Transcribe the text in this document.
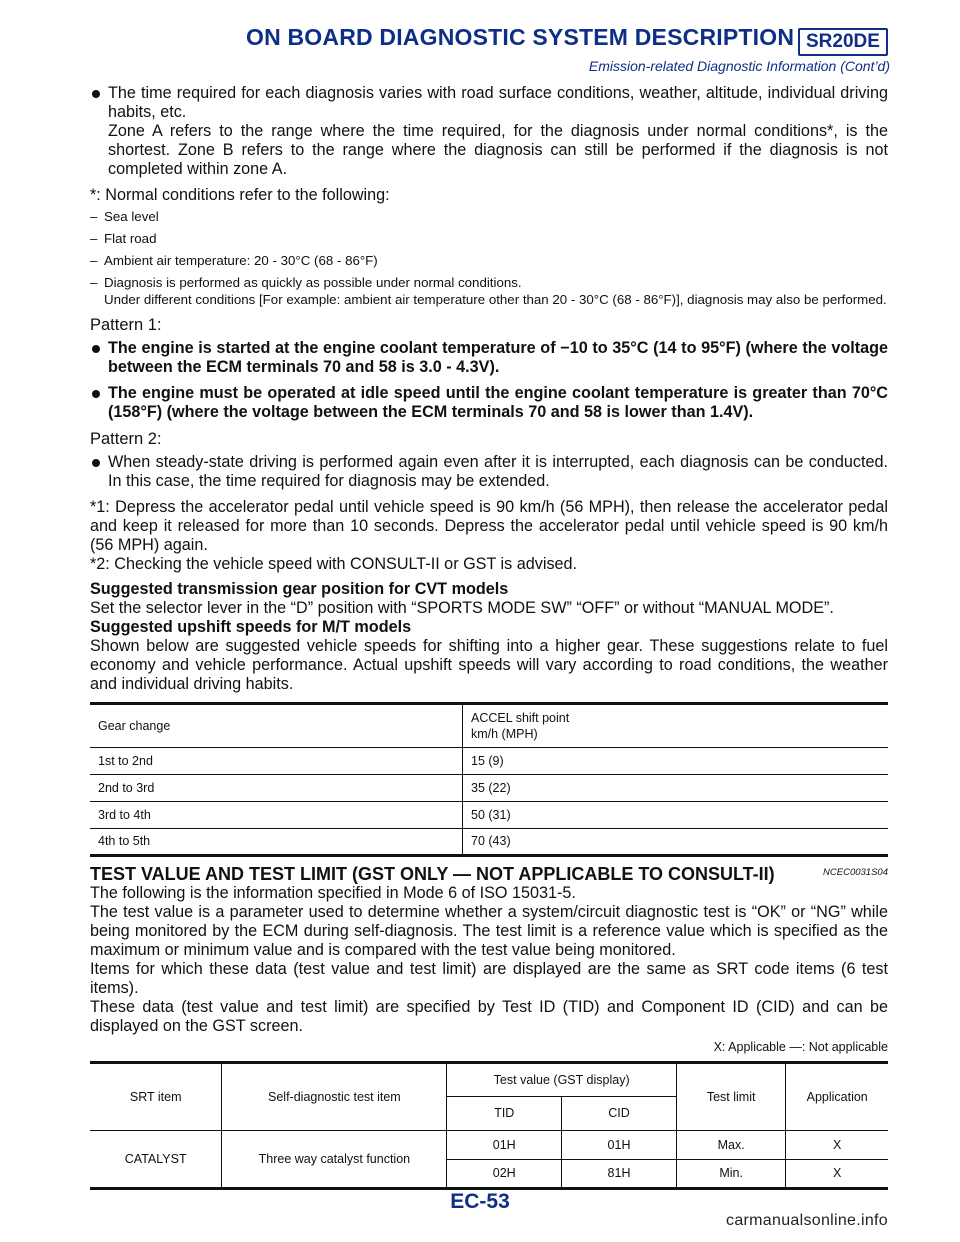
ON BOARD DIAGNOSTIC SYSTEM DESCRIPTION SR20DE
Emission-related Diagnostic Information (Cont’d)

The time required for each diagnosis varies with road surface conditions, weather, altitude, individual driving habits, etc.

Zone A refers to the range where the time required, for the diagnosis under normal conditions*, is the shortest. Zone B refers to the range where the diagnosis can still be performed if the diagnosis is not completed within zone A.

*: Normal conditions refer to the following:

– Sea level

– Flat road

– Ambient air temperature: 20 - 30°C (68 - 86°F)

– Diagnosis is performed as quickly as possible under normal conditions.

Under different conditions [For example: ambient air temperature other than 20 - 30°C (68 - 86°F)], diagnosis may also be performed.

Pattern 1:

The engine is started at the engine coolant temperature of −10 to 35°C (14 to 95°F) (where the voltage between the ECM terminals 70 and 58 is 3.0 - 4.3V).

The engine must be operated at idle speed until the engine coolant temperature is greater than 70°C (158°F) (where the voltage between the ECM terminals 70 and 58 is lower than 1.4V).

Pattern 2:

When steady-state driving is performed again even after it is interrupted, each diagnosis can be conducted. In this case, the time required for diagnosis may be extended.

*1: Depress the accelerator pedal until vehicle speed is 90 km/h (56 MPH), then release the accelerator pedal and keep it released for more than 10 seconds. Depress the accelerator pedal until vehicle speed is 90 km/h (56 MPH) again.

*2: Checking the vehicle speed with CONSULT-II or GST is advised.

Suggested transmission gear position for CVT models

Set the selector lever in the “D” position with “SPORTS MODE SW” “OFF” or without “MANUAL MODE”.

Suggested upshift speeds for M/T models

Shown below are suggested vehicle speeds for shifting into a higher gear. These suggestions relate to fuel economy and vehicle performance. Actual upshift speeds will vary according to road conditions, the weather and individual driving habits.

Gear change	ACCEL shift point
km/h (MPH)
1st to 2nd	15 (9)
2nd to 3rd	35 (22)
3rd to 4th	50 (31)
4th to 5th	70 (43)

TEST VALUE AND TEST LIMIT (GST ONLY — NOT APPLICABLE TO CONSULT-II)	NCEC0031S04

The following is the information specified in Mode 6 of ISO 15031-5.

The test value is a parameter used to determine whether a system/circuit diagnostic test is “OK” or “NG” while being monitored by the ECM during self-diagnosis. The test limit is a reference value which is specified as the maximum or minimum value and is compared with the test value being monitored.

Items for which these data (test value and test limit) are displayed are the same as SRT code items (6 test items).

These data (test value and test limit) are specified by Test ID (TID) and Component ID (CID) and can be displayed on the GST screen.

X: Applicable —: Not applicable

SRT item	Self-diagnostic test item	Test value (GST display)		Test limit	Application
		TID	CID		
CATALYST	Three way catalyst function	01H	01H	Max.	X
		02H	81H	Min.	X
EC-53
carmanualsonline.info
